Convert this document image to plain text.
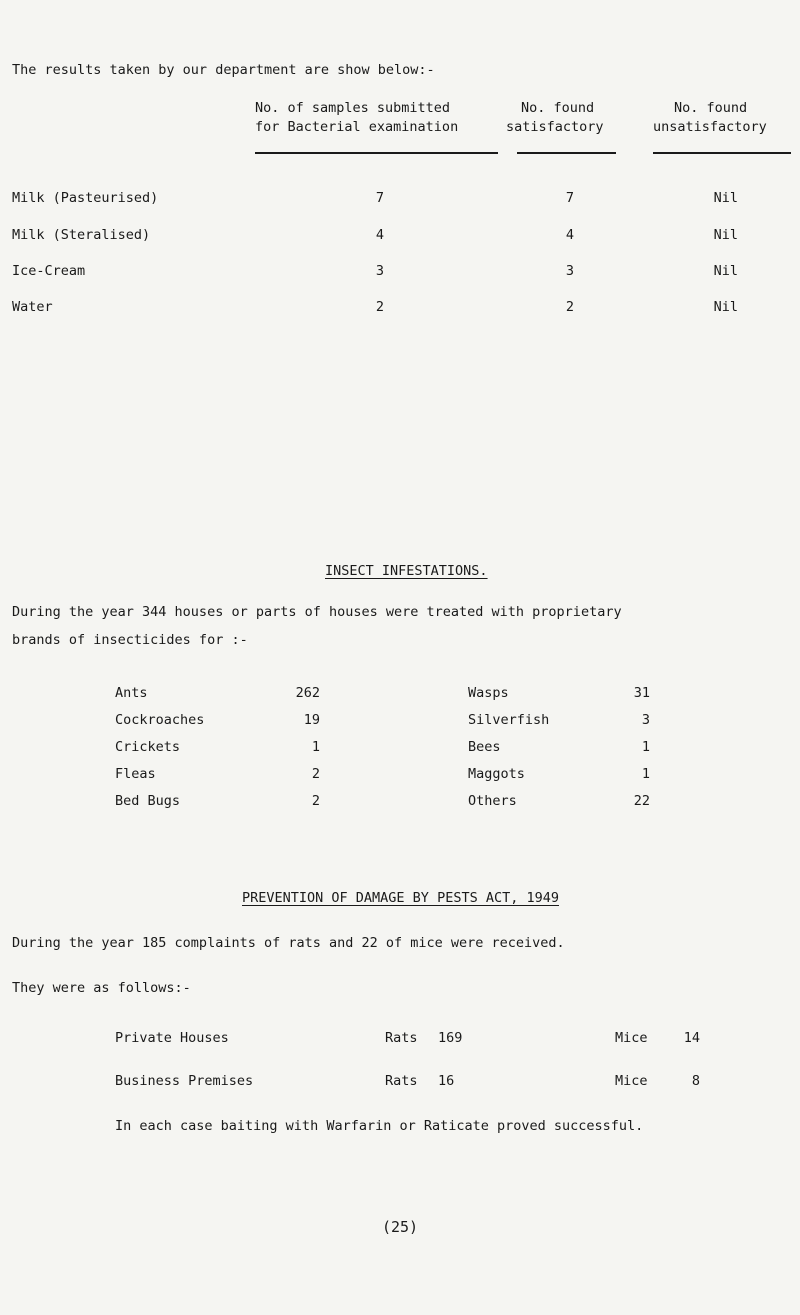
The results taken by our department are show below:-
No. of samples submitted
for Bacterial examination
No. found
satisfactory
No. found
unsatisfactory
Milk (Pasteurised)	7	7	Nil
Milk (Steralised)	4	4	Nil
Ice-Cream	3	3	Nil
Water	2	2	Nil
INSECT INFESTATIONS.
During the year 344 houses or parts of houses were treated with proprietary
brands of insecticides for :-
Ants	262
Cockroaches	19
Crickets	1
Fleas	2
Bed Bugs	2
Wasps	31
Silverfish	3
Bees	1
Maggots	1
Others	22
PREVENTION OF DAMAGE BY PESTS ACT, 1949
During the year 185 complaints of rats and 22 of mice were received.
They were as follows:-
Private Houses	Rats 169	Mice	14
Business Premises	Rats 16	Mice	8
In each case baiting with Warfarin or Raticate proved successful.
(25)
